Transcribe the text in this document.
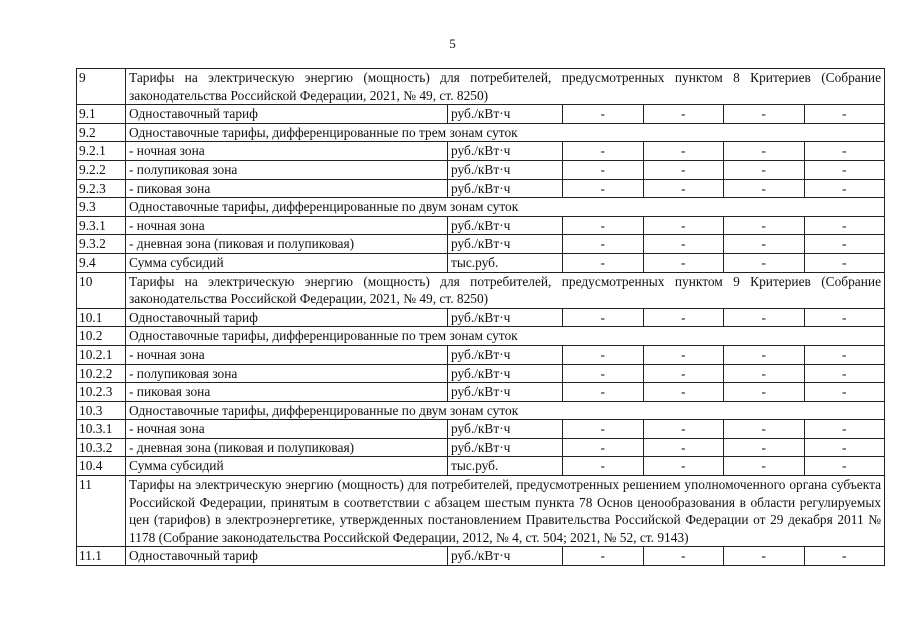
5
9	Тарифы на электрическую энергию (мощность) для потребителей, предусмотренных пунктом 8 Критериев (Собрание законодательства Российской Федерации, 2021, № 49, ст. 8250)					
9.1	Одноставочный тариф	руб./кВт·ч	-	-	-	-
9.2	Одноставочные тарифы, дифференцированные по трем зонам суток					
9.2.1	- ночная зона	руб./кВт·ч	-	-	-	-
9.2.2	- полупиковая зона	руб./кВт·ч	-	-	-	-
9.2.3	- пиковая зона	руб./кВт·ч	-	-	-	-
9.3	Одноставочные тарифы, дифференцированные по двум зонам суток					
9.3.1	- ночная зона	руб./кВт·ч	-	-	-	-
9.3.2	- дневная зона (пиковая и полупиковая)	руб./кВт·ч	-	-	-	-
9.4	Сумма субсидий	тыс.руб.	-	-	-	-
10	Тарифы на электрическую энергию (мощность) для потребителей, предусмотренных пунктом 9 Критериев (Собрание законодательства Российской Федерации, 2021, № 49, ст. 8250)					
10.1	Одноставочный тариф	руб./кВт·ч	-	-	-	-
10.2	Одноставочные тарифы, дифференцированные по трем зонам суток					
10.2.1	- ночная зона	руб./кВт·ч	-	-	-	-
10.2.2	- полупиковая зона	руб./кВт·ч	-	-	-	-
10.2.3	- пиковая зона	руб./кВт·ч	-	-	-	-
10.3	Одноставочные тарифы, дифференцированные по двум зонам суток					
10.3.1	- ночная зона	руб./кВт·ч	-	-	-	-
10.3.2	- дневная зона (пиковая и полупиковая)	руб./кВт·ч	-	-	-	-
10.4	Сумма субсидий	тыс.руб.	-	-	-	-
11	Тарифы на электрическую энергию (мощность) для потребителей, предусмотренных решением уполномоченного органа субъекта Российской Федерации, принятым в соответствии с абзацем шестым пункта 78 Основ ценообразования в области регулируемых цен (тарифов) в электроэнергетике, утвержденных постановлением Правительства Российской Федерации от 29 декабря 2011 № 1178 (Собрание законодательства Российской Федерации, 2012, № 4, ст. 504; 2021, № 52, ст. 9143)					
11.1	Одноставочный тариф	руб./кВт·ч	-	-	-	-
